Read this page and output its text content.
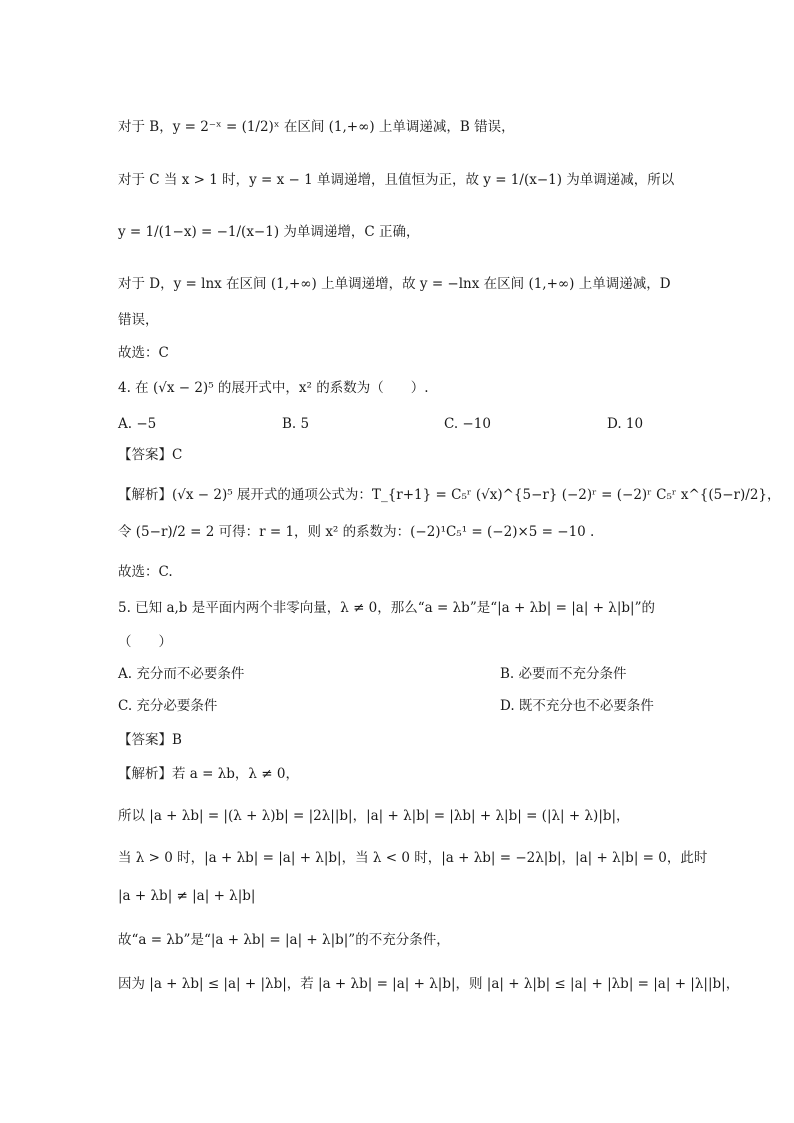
对于 B，y = 2⁻ˣ = (1/2)ˣ 在区间 (1,+∞) 上单调递减，B 错误，
对于 C 当 x > 1 时，y = x − 1 单调递增，且值恒为正，故 y = 1/(x−1) 为单调递减，所以
y = 1/(1−x) = −1/(x−1) 为单调递增，C 正确，
对于 D，y = lnx 在区间 (1,+∞) 上单调递增，故 y = −lnx 在区间 (1,+∞) 上单调递减，D
错误，
故选：C
4. 在 (√x − 2)⁵ 的展开式中，x² 的系数为（　　）.
A. −5	B. 5	C. −10	D. 10
【答案】C
【解析】(√x − 2)⁵ 展开式的通项公式为：T_{r+1} = C₅ʳ (√x)^{5−r} (−2)ʳ = (−2)ʳ C₅ʳ x^{(5−r)/2}，
令 (5−r)/2 = 2 可得：r = 1，则 x² 的系数为：(−2)¹C₅¹ = (−2)×5 = −10 .
故选：C.
5. 已知 a,b 是平面内两个非零向量，λ ≠ 0，那么“a = λb”是“|a + λb| = |a| + λ|b|”的
（　　）
A. 充分而不必要条件	B. 必要而不充分条件
C. 充分必要条件	D. 既不充分也不必要条件
【答案】B
【解析】若 a = λb，λ ≠ 0，
所以 |a + λb| = |(λ + λ)b| = |2λ||b|，|a| + λ|b| = |λb| + λ|b| = (|λ| + λ)|b|，
当 λ > 0 时，|a + λb| = |a| + λ|b|，当 λ < 0 时，|a + λb| = −2λ|b|，|a| + λ|b| = 0，此时
|a + λb| ≠ |a| + λ|b|
故“a = λb”是“|a + λb| = |a| + λ|b|”的不充分条件，
因为 |a + λb| ≤ |a| + |λb|，若 |a + λb| = |a| + λ|b|，则 |a| + λ|b| ≤ |a| + |λb| = |a| + |λ||b|，
